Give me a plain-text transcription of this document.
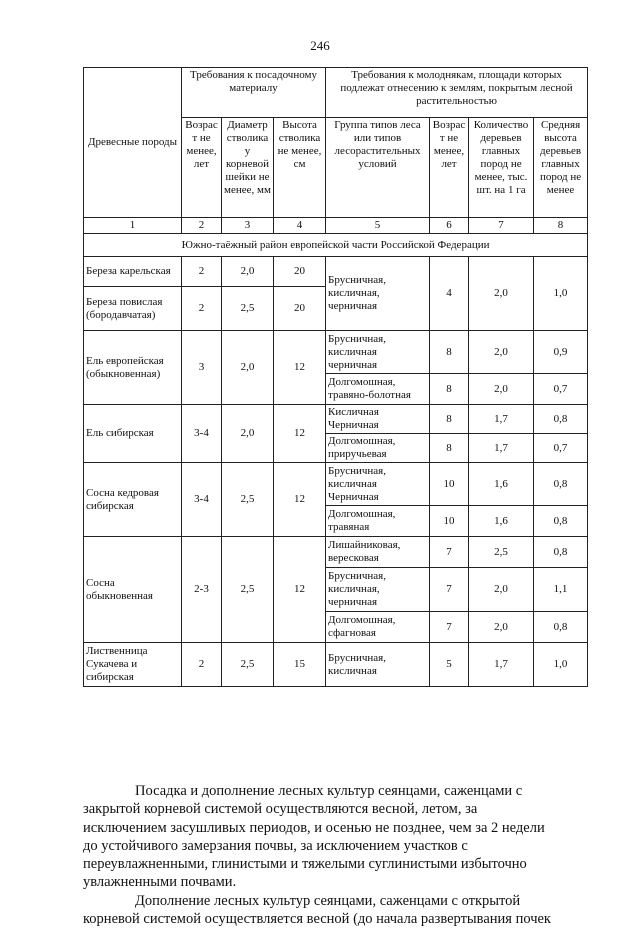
246
Древесные породы	Требования к посадочному материалу			Требования к молоднякам, площади которых подлежат отнесению к землям, покрытым лесной растительностью			
	Возраст не менее, лет	Диаметр стволика у корневой шейки не менее, мм	Высота стволика не менее, см	Группа типов леса или типов лесорастительных условий	Возраст не менее, лет	Количество деревьев главных пород не менее, тыс. шт. на 1 га	Средняя высота деревьев главных пород не менее
1	2	3	4	5	6	7	8
Южно-таёжный район европейской части Российской Федерации							
Береза карельская	2	2,0	20	Брусничная, кисличная, черничная	4	2,0	1,0
Береза повислая (бородавчатая)	2	2,5	20				
Ель европейская (обыкновенная)	3	2,0	12	Брусничная, кисличная черничная	8	2,0	0,9
				Долгомошная, травяно-болотная	8	2,0	0,7
Ель сибирская	3-4	2,0	12	Кисличная Черничная	8	1,7	0,8
				Долгомошная, приручьевая	8	1,7	0,7
Сосна кедровая сибирская	3-4	2,5	12	Брусничная, кисличная Черничная	10	1,6	0,8
				Долгомошная, травяная	10	1,6	0,8
Сосна обыкновенная	2-3	2,5	12	Лишайниковая, вересковая	7	2,5	0,8
				Брусничная, кисличная, черничная	7	2,0	1,1
				Долгомошная, сфагновая	7	2,0	0,8
Лиственница Сукачева и сибирская	2	2,5	15	Брусничная, кисличная	5	1,7	1,0
Посадка и дополнение лесных культур сеянцами, саженцами с
закрытой корневой системой осуществляются весной, летом, за
исключением засушливых периодов, и осенью не позднее, чем за 2 недели
до устойчивого замерзания почвы, за исключением участков с
переувлажненными, глинистыми и тяжелыми суглинистыми избыточно
увлажненными почвами.
Дополнение лесных культур сеянцами, саженцами с открытой
корневой системой осуществляется весной (до начала развертывания почек
